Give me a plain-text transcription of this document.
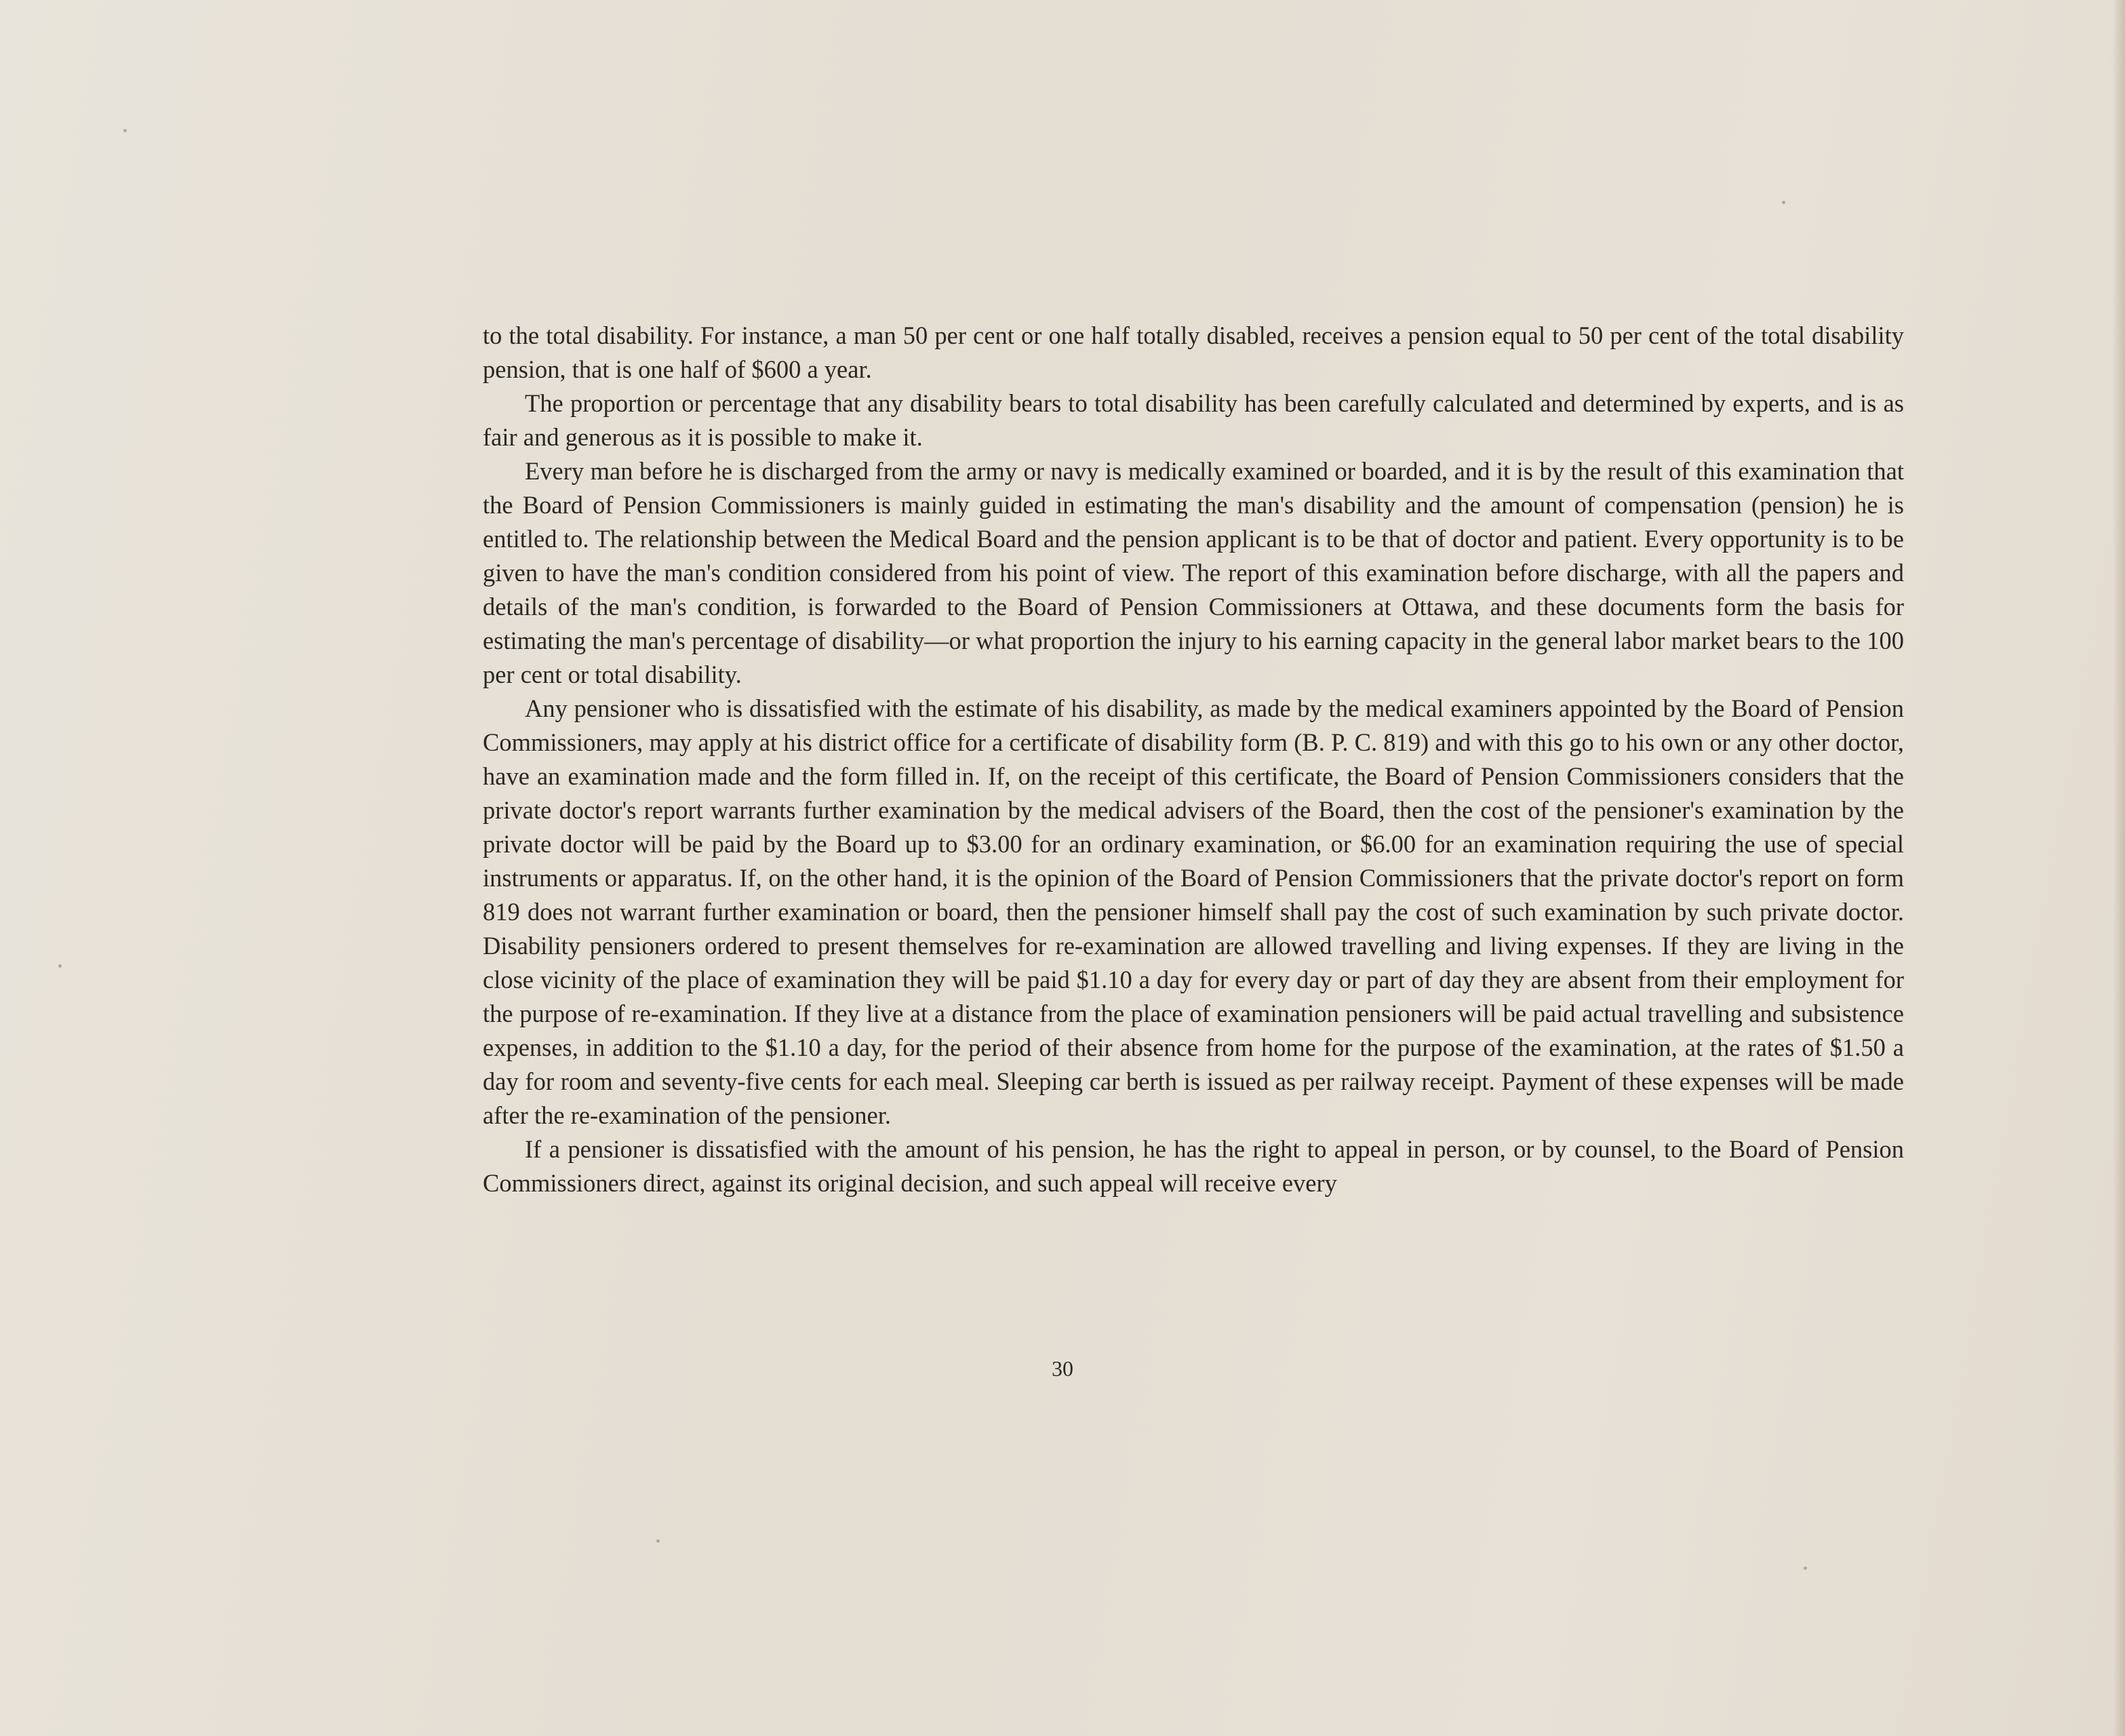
to the total disability. For instance, a man 50 per cent or one half totally disabled, receives a pension equal to 50 per cent of the total disability pension, that is one half of $600 a year.

The proportion or percentage that any disability bears to total disability has been carefully calculated and determined by experts, and is as fair and generous as it is possible to make it.

Every man before he is discharged from the army or navy is medically examined or boarded, and it is by the result of this examination that the Board of Pension Commissioners is mainly guided in estimating the man's disability and the amount of compensation (pension) he is entitled to. The relationship between the Medical Board and the pension applicant is to be that of doctor and patient. Every opportunity is to be given to have the man's condition considered from his point of view. The report of this examination before discharge, with all the papers and details of the man's condition, is forwarded to the Board of Pension Commissioners at Ottawa, and these documents form the basis for estimating the man's percentage of disability—or what proportion the injury to his earning capacity in the general labor market bears to the 100 per cent or total disability.

Any pensioner who is dissatisfied with the estimate of his disability, as made by the medical examiners appointed by the Board of Pension Commissioners, may apply at his district office for a certificate of disability form (B. P. C. 819) and with this go to his own or any other doctor, have an examination made and the form filled in. If, on the receipt of this certificate, the Board of Pension Commissioners considers that the private doctor's report warrants further examination by the medical advisers of the Board, then the cost of the pensioner's examination by the private doctor will be paid by the Board up to $3.00 for an ordinary examination, or $6.00 for an examination requiring the use of special instruments or apparatus. If, on the other hand, it is the opinion of the Board of Pension Commissioners that the private doctor's report on form 819 does not warrant further examination or board, then the pensioner himself shall pay the cost of such examination by such private doctor. Disability pensioners ordered to present themselves for re-examination are allowed travelling and living expenses. If they are living in the close vicinity of the place of examination they will be paid $1.10 a day for every day or part of day they are absent from their employment for the purpose of re-examination. If they live at a distance from the place of examination pensioners will be paid actual travelling and subsistence expenses, in addition to the $1.10 a day, for the period of their absence from home for the purpose of the examination, at the rates of $1.50 a day for room and seventy-five cents for each meal. Sleeping car berth is issued as per railway receipt. Payment of these expenses will be made after the re-examination of the pensioner.

If a pensioner is dissatisfied with the amount of his pension, he has the right to appeal in person, or by counsel, to the Board of Pension Commissioners direct, against its original decision, and such appeal will receive every

30
